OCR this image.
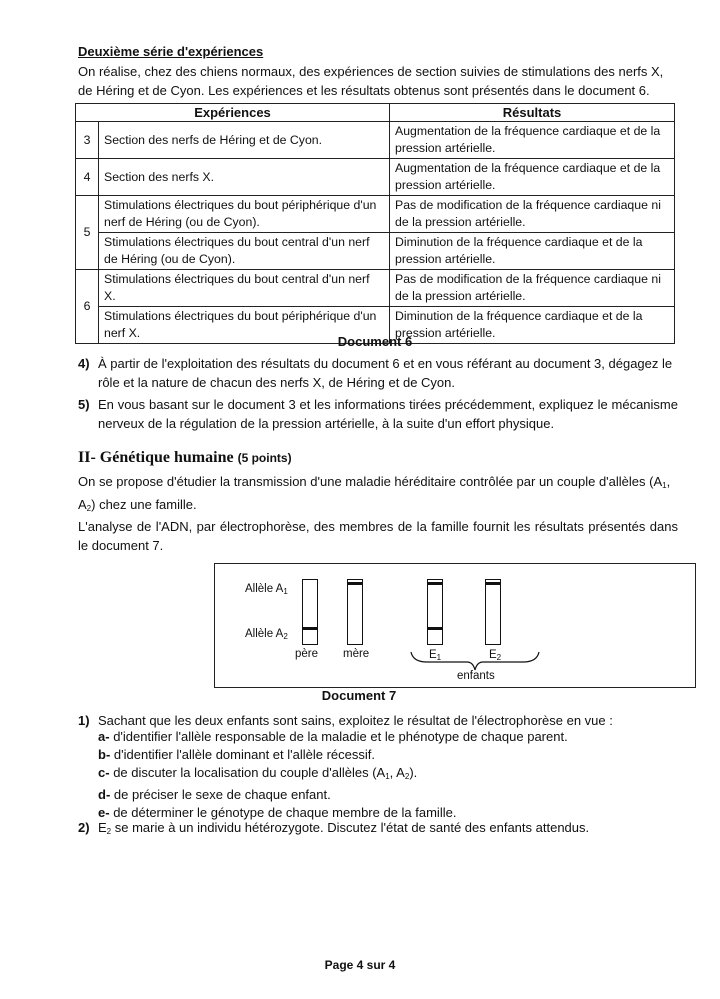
Deuxième série d'expériences
On réalise, chez des chiens normaux, des expériences de section suivies de stimulations des nerfs X, de Héring et de Cyon. Les expériences et les résultats obtenus sont présentés dans le document 6.
Expériences		Résultats
3	Section des nerfs de Héring et de Cyon.	Augmentation de la fréquence cardiaque et de la pression artérielle.
4	Section des nerfs X.	Augmentation de la fréquence cardiaque et de la pression artérielle.
5	Stimulations électriques du bout périphérique d'un nerf de Héring (ou de Cyon).	Pas de modification de la fréquence cardiaque ni de la pression artérielle.
	Stimulations électriques du bout central d'un nerf de Héring (ou de Cyon).	Diminution de la fréquence cardiaque et de la pression artérielle.
6	Stimulations électriques du bout central d'un nerf X.	Pas de modification de la fréquence cardiaque ni de la pression artérielle.
	Stimulations électriques du bout périphérique d'un nerf X.	Diminution de la fréquence cardiaque et de la pression artérielle.
Document 6
4) À partir de l'exploitation des résultats du document 6 et en vous référant au document 3, dégagez le rôle et la nature de chacun des nerfs X, de Héring et de Cyon.
5) En vous basant sur le document 3 et les informations tirées précédemment, expliquez le mécanisme nerveux de la régulation de la pression artérielle, à la suite d'un effort physique.
II- Génétique humaine (5 points)
On se propose d'étudier la transmission d'une maladie héréditaire contrôlée par un couple d'allèles ($A_1$, $A_2$) chez une famille.
L'analyse de l'ADN, par électrophorèse, des membres de la famille fournit les résultats présentés dans le document 7.
Allèle $A_1$
Allèle $A_2$
père mère	$E_1$	$E_2$
enfants
Document 7
1) Sachant que les deux enfants sont sains, exploitez le résultat de l'électrophorèse en vue :
a- d'identifier l'allèle responsable de la maladie et le phénotype de chaque parent.
b- d'identifier l'allèle dominant et l'allèle récessif.
c- de discuter la localisation du couple d'allèles ($A_1$, $A_2$).
d- de préciser le sexe de chaque enfant.
e- de déterminer le génotype de chaque membre de la famille.
2) $E_2$ se marie à un individu hétérozygote. Discutez l'état de santé des enfants attendus.
Page 4 sur 4
